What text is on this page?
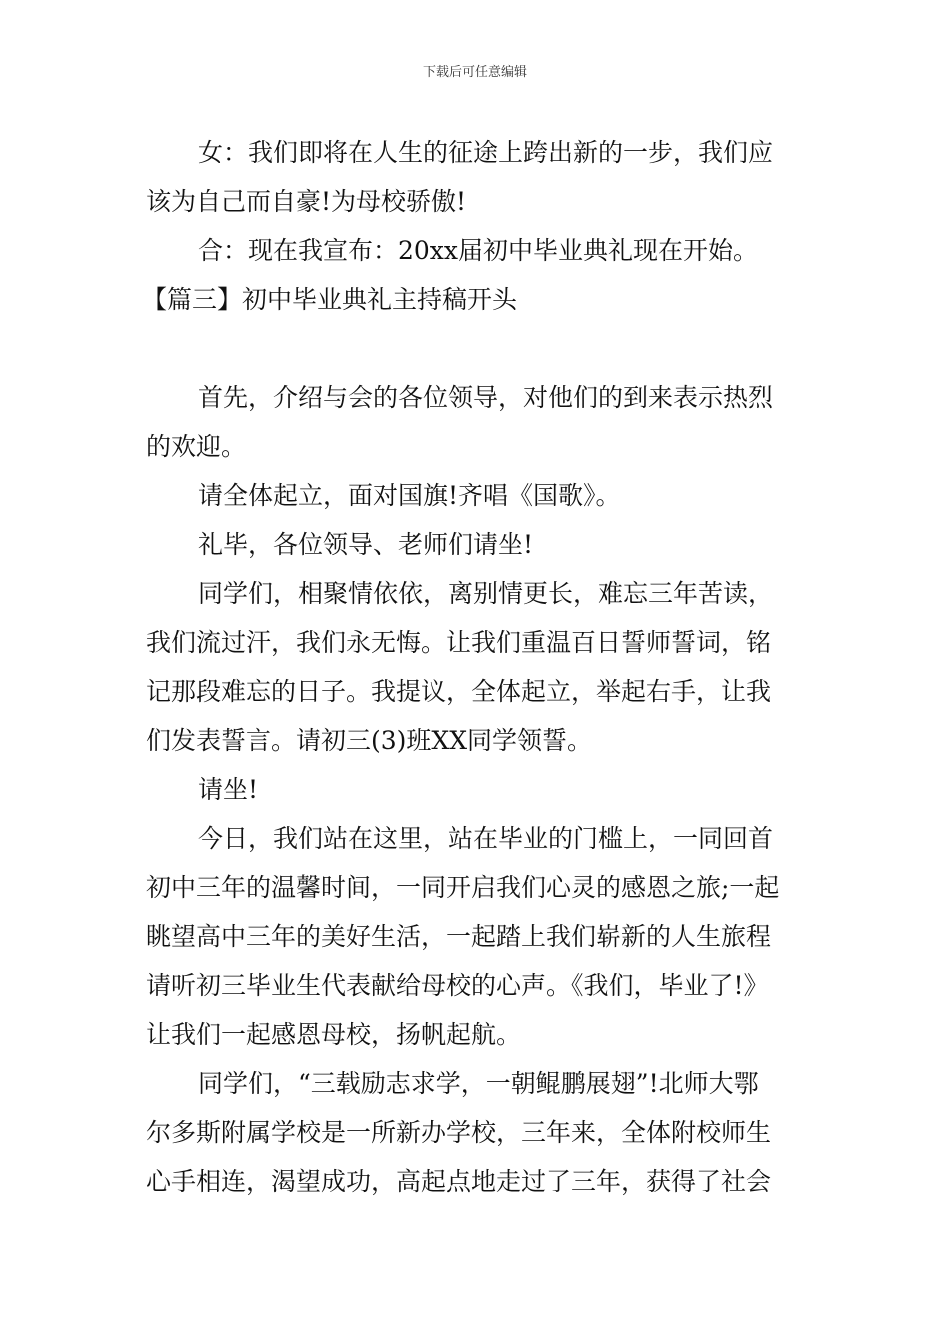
下载后可任意编辑
女：我们即将在人生的征途上跨出新的一步，我们应
该为自己而自豪!为母校骄傲!
合：现在我宣布：20xx届初中毕业典礼现在开始。
【篇三】初中毕业典礼主持稿开头
首先，介绍与会的各位领导，对他们的到来表示热烈
的欢迎。
请全体起立，面对国旗!齐唱《国歌》。
礼毕，各位领导、老师们请坐!
同学们，相聚情依依，离别情更长，难忘三年苦读，
我们流过汗，我们永无悔。让我们重温百日誓师誓词，铭
记那段难忘的日子。我提议，全体起立，举起右手，让我
们发表誓言。请初三(3)班XX同学领誓。
请坐!
今日，我们站在这里，站在毕业的门槛上，一同回首
初中三年的温馨时间，一同开启我们心灵的感恩之旅;一起
眺望高中三年的美好生活，一起踏上我们崭新的人生旅程
请听初三毕业生代表献给母校的心声。《我们，毕业了!》
让我们一起感恩母校，扬帆起航。
同学们，“三载励志求学，一朝鲲鹏展翅”!北师大鄂
尔多斯附属学校是一所新办学校，三年来，全体附校师生
心手相连，渴望成功，高起点地走过了三年，获得了社会
